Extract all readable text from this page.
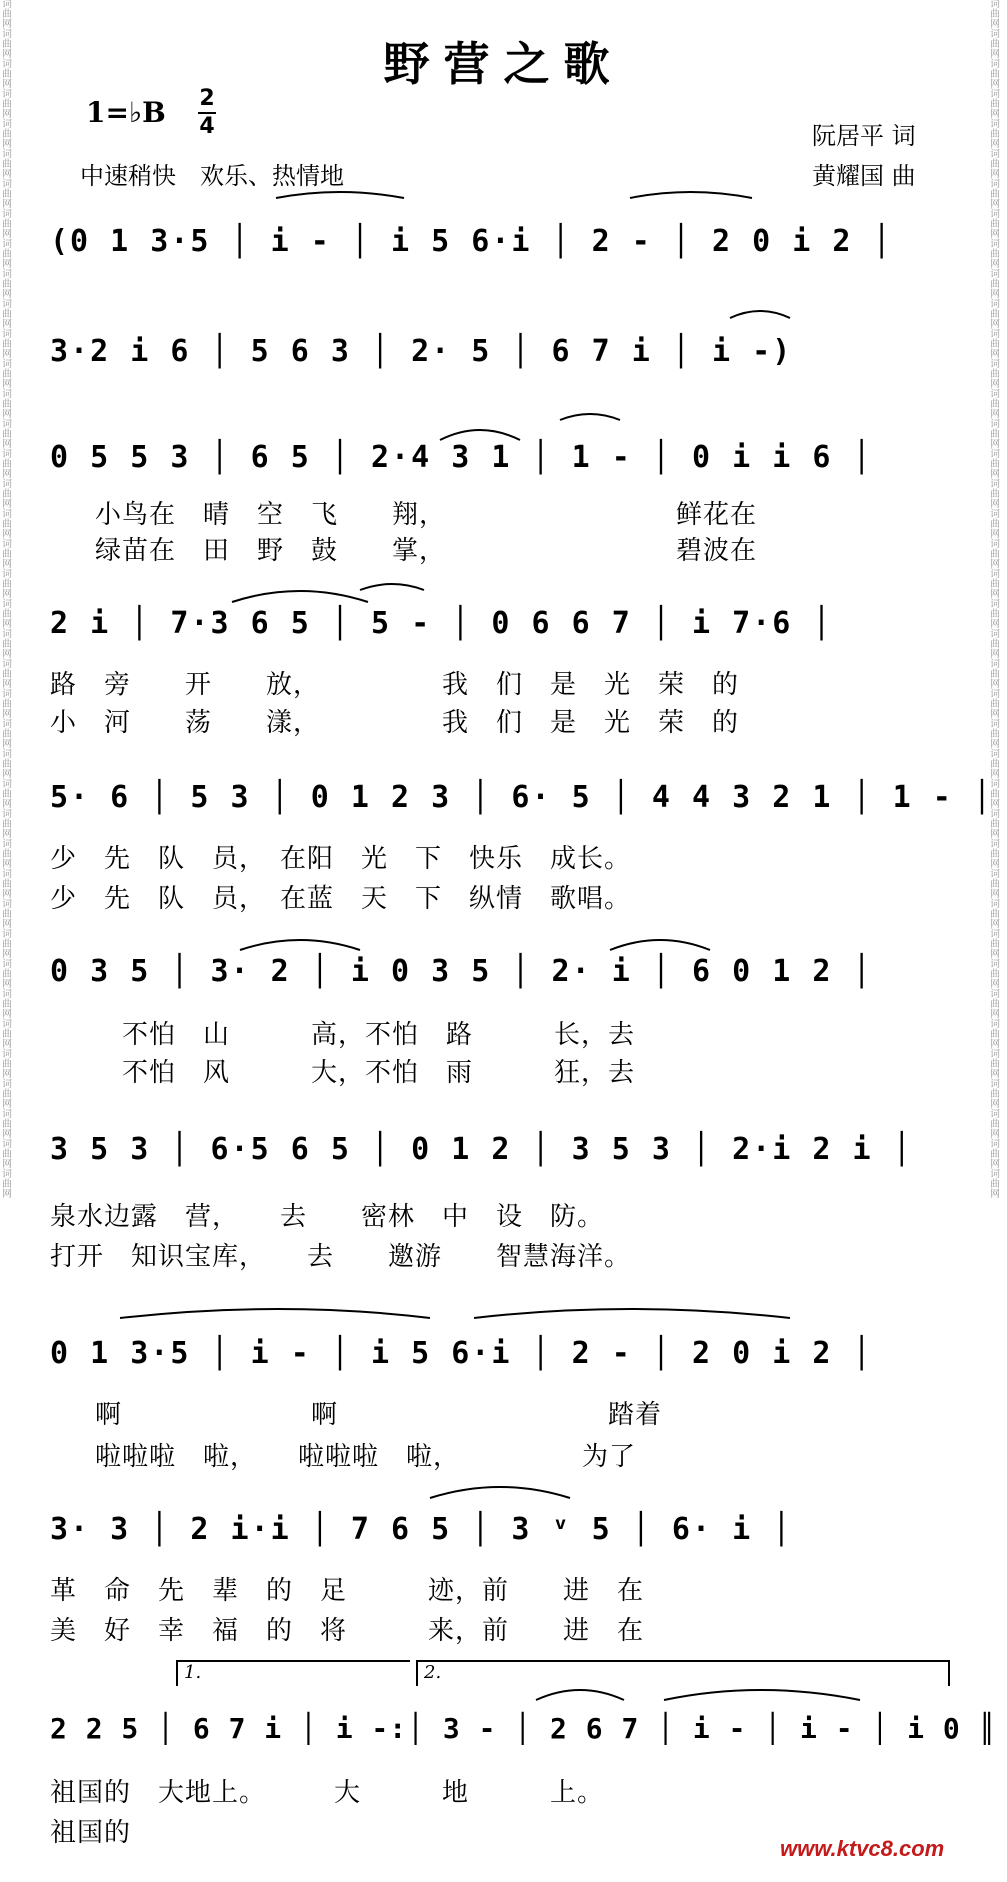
词曲网 词曲网 词曲网 词曲网 词曲网 词曲网 词曲网 词曲网 词曲网 词曲网 词曲网 词曲网 词曲网 词曲网 词曲网 词曲网 词曲网 词曲网 词曲网 词曲网 词曲网 词曲网 词曲网 词曲网 词曲网 词曲网 词曲网 词曲网 词曲网 词曲网 词曲网 词曲网 词曲网 词曲网 词曲网 词曲网 词曲网 词曲网 词曲网 词曲网
词曲网 词曲网 词曲网 词曲网 词曲网 词曲网 词曲网 词曲网 词曲网 词曲网 词曲网 词曲网 词曲网 词曲网 词曲网 词曲网 词曲网 词曲网 词曲网 词曲网 词曲网 词曲网 词曲网 词曲网 词曲网 词曲网 词曲网 词曲网 词曲网 词曲网 词曲网 词曲网 词曲网 词曲网 词曲网 词曲网 词曲网 词曲网 词曲网 词曲网
野营之歌
1=♭B 2
4
中速稍快　欢乐、热情地
阮居平 词
黄耀国 曲
(0 1 3·5 │ i - │ i 5 6·i │ 2 - │ 2 0 i 2 │
3·2 i 6 │ 5 6 3 │ 2· 5 │ 6 7 i │ i -)
0 5 5 3 │ 6 5 │ 2·4 3 1 │ 1 - │ 0 i i 6 │
小鸟在　晴　空　飞　　翔，　　　　　　　　　鲜花在
绿苗在　田　野　鼓　　掌，　　　　　　　　　碧波在
2 i │ 7·3 6 5 │ 5 - │ 0 6 6 7 │ i 7·6 │
路　旁　　开　　放，　　　　　我　们　是　光　荣　的
小　河　　荡　　漾，　　　　　我　们　是　光　荣　的
5· 6 │ 5 3 │ 0 1 2 3 │ 6· 5 │ 4 4 3 2 1 │ 1 - │
少　先　队　员，　在阳　光　下　快乐　成长。
少　先　队　员，　在蓝　天　下　纵情　歌唱。
0 3 5 │ 3· 2 │ i 0 3 5 │ 2· i │ 6 0 1 2 │
　不怕　山　　　高，不怕　路　　　长，去
　不怕　风　　　大，不怕　雨　　　狂，去
3 5 3 │ 6·5 6 5 │ 0 1 2 │ 3 5 3 │ 2·i 2 i │
泉水边露　营，　　去　　密林　中　设　防。
打开　知识宝库，　　去　　邀游　　智慧海洋。
0 1 3·5 │ i - │ i 5 6·i │ 2 - │ 2 0 i 2 │
啊　　　　　　　啊　　　　　　　　　　踏着
啦啦啦　啦，　　啦啦啦　啦，　　　　　为了
3· 3 │ 2 i·i │ 7 6 5 │ 3 ᵛ 5 │ 6· i │
革　命　先　辈　的　足　　　迹，前　　进　在
美　好　幸　福　的　将　　　来，前　　进　在
1.	2.
2 2 5 │ 6 7 i │ i -:│ 3 - │ 2 6 7 │ i - │ i - │ i 0 ║
祖国的　大地上。　　　大　　　地　　　上。
祖国的
www.ktvc8.com
